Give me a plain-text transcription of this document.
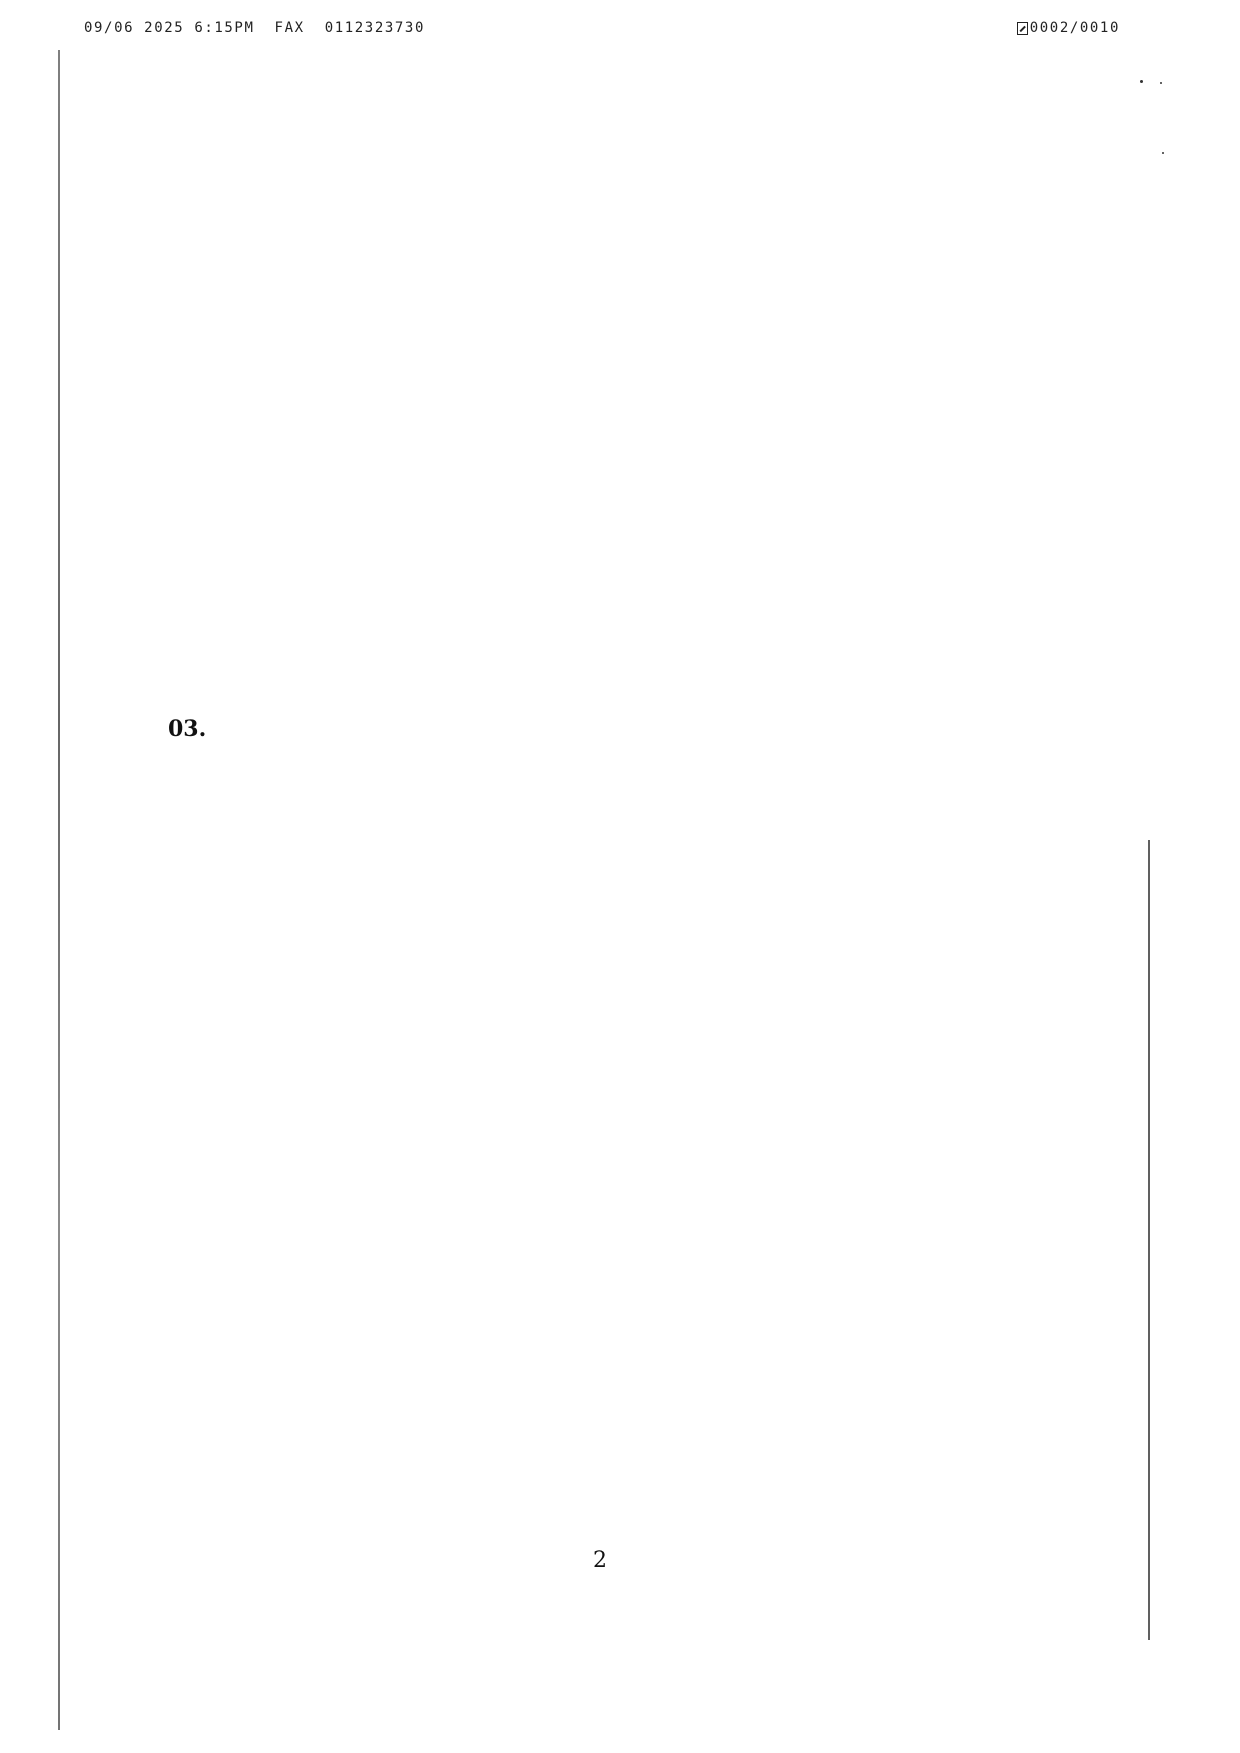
09/06 2025 6:15PM  FAX  0112323730	0002/0010

03.

2
